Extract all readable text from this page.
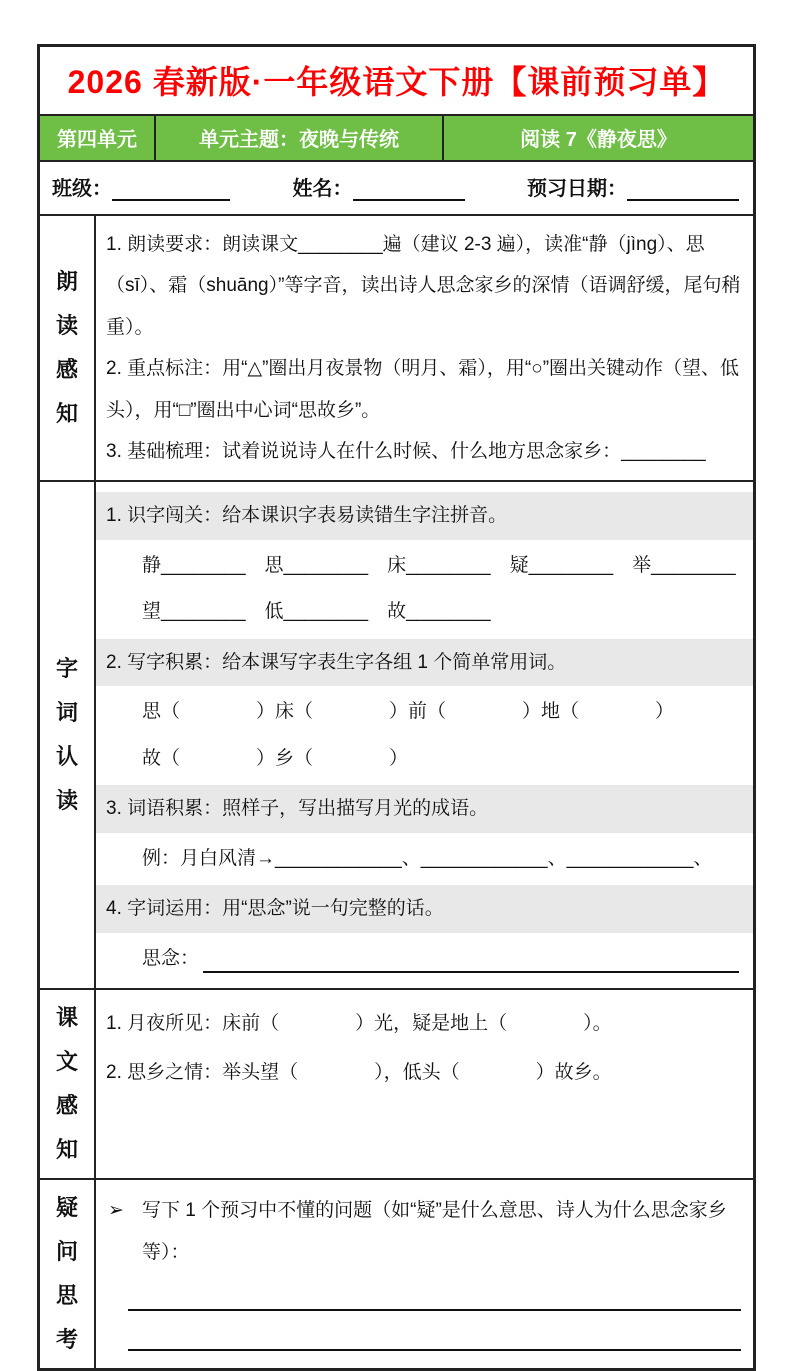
2026 春新版·一年级语文下册【课前预习单】
第四单元	单元主题：夜晚与传统	阅读 7《静夜思》
班级：	姓名：	预习日期：
朗读感知
1. 朗读要求：朗读课文________遍（建议 2-3 遍），读准“静（jìng）、思（sī）、霜（shuāng）”等字音，读出诗人思念家乡的深情（语调舒缓，尾句稍重）。
2. 重点标注：用“△”圈出月夜景物（明月、霜），用“○”圈出关键动作（望、低头），用“□”圈出中心词“思故乡”。
3. 基础梳理：试着说说诗人在什么时候、什么地方思念家乡：________
字词认读
1. 识字闯关：给本课识字表易读错生字注拼音。
静________　思________　床________　疑________　举________
望________　低________　故________
2. 写字积累：给本课写字表生字各组 1 个简单常用词。
思（　　　　）床（　　　　）前（　　　　）地（　　　　）
故（　　　　）乡（　　　　）
3. 词语积累：照样子，写出描写月光的成语。
例：月白风清→____________、____________、____________、
4. 字词运用：用“思念”说一句完整的话。
思念：
课文感知
1. 月夜所见：床前（　　　　）光，疑是地上（　　　　）。
2. 思乡之情：举头望（　　　　），低头（　　　　）故乡。
疑问思考
➢ 写下 1 个预习中不懂的问题（如“疑”是什么意思、诗人为什么思念家乡等）：
